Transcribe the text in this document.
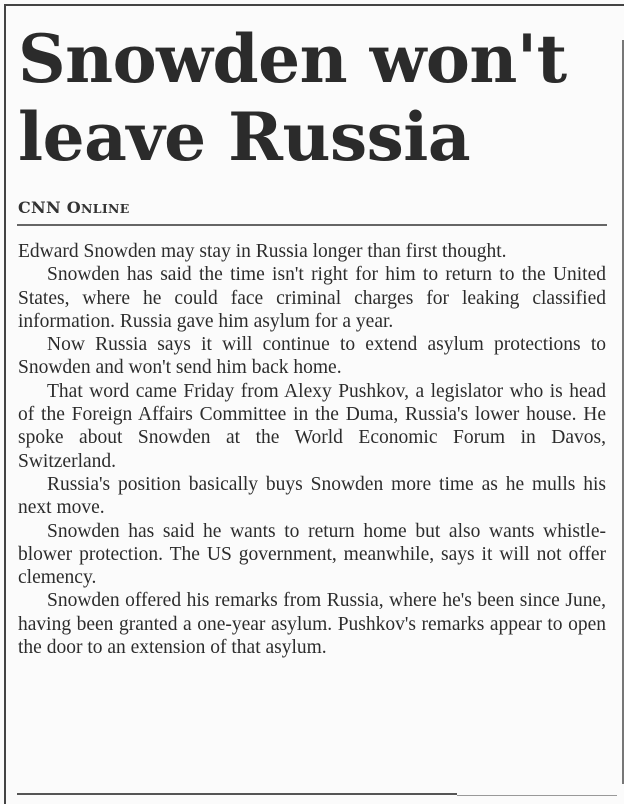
Snowden won't leave Russia
CNN ONLINE

Edward Snowden may stay in Russia longer than first thought.

Snowden has said the time isn't right for him to return to the United States, where he could face criminal charges for leaking classified information. Russia gave him asylum for a year.

Now Russia says it will continue to extend asylum protections to Snowden and won't send him back home.

That word came Friday from Alexy Pushkov, a legislator who is head of the Foreign Affairs Committee in the Duma, Russia's lower house. He spoke about Snowden at the World Economic Forum in Davos, Switzerland.

Russia's position basically buys Snowden more time as he mulls his next move.

Snowden has said he wants to return home but also wants whistle-blower protection. The US government, meanwhile, says it will not offer clemency.

Snowden offered his remarks from Russia, where he's been since June, having been granted a one-year asylum. Pushkov's remarks appear to open the door to an extension of that asylum.
